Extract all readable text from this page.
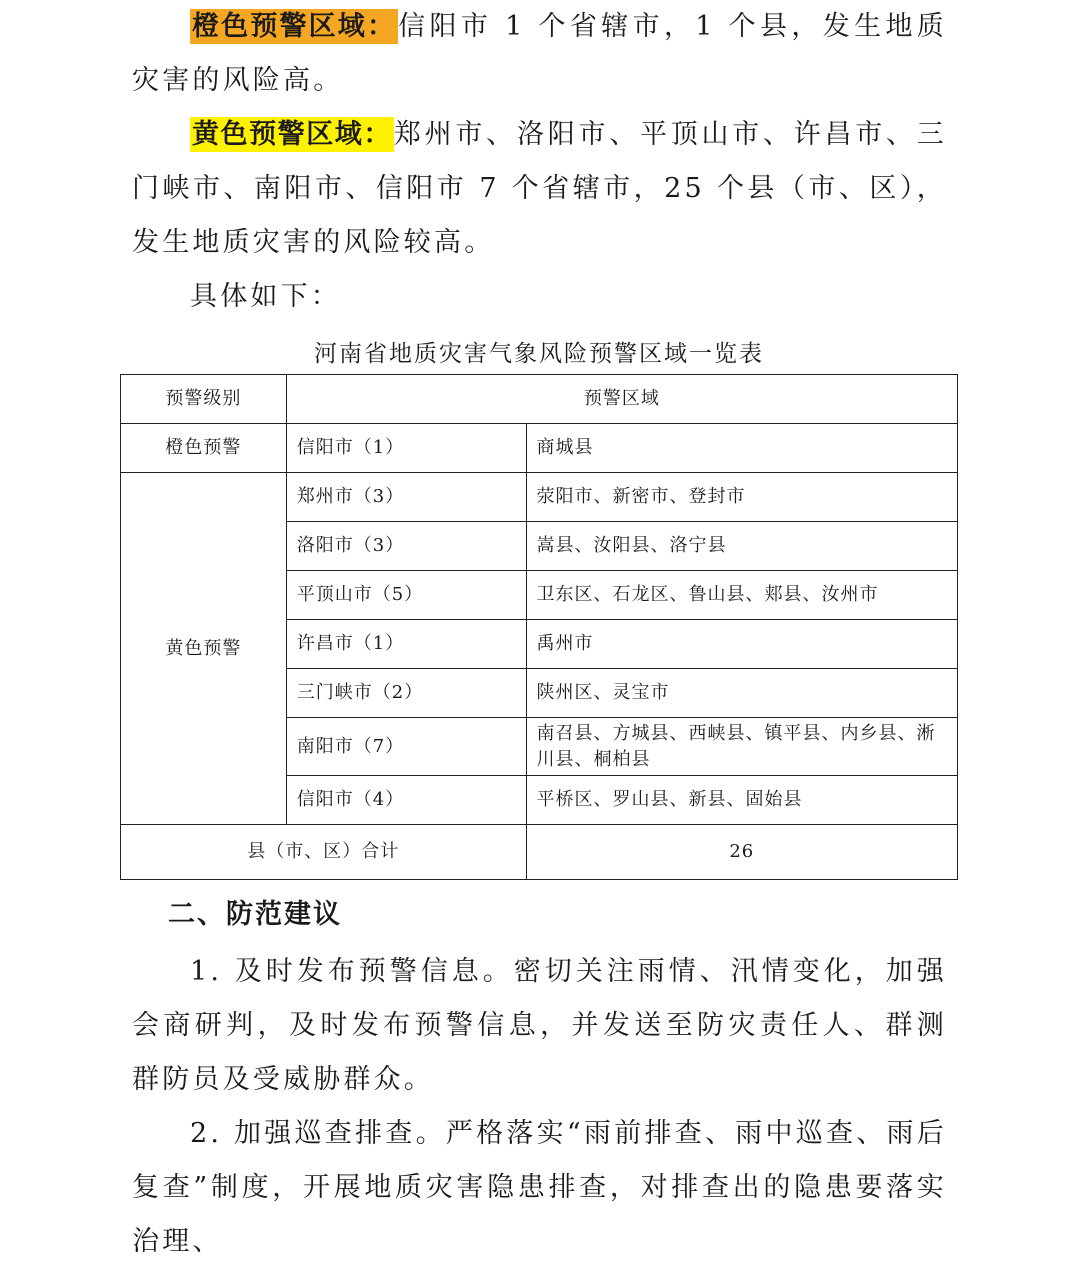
橙色预警区域：信阳市 1 个省辖市，1 个县，发生地质灾害的风险高。

黄色预警区域：郑州市、洛阳市、平顶山市、许昌市、三门峡市、南阳市、信阳市 7 个省辖市，25 个县（市、区），发生地质灾害的风险较高。

具体如下：

河南省地质灾害气象风险预警区域一览表
预警级别	预警区域	
橙色预警	信阳市（1）	商城县
黄色预警	郑州市（3）	荥阳市、新密市、登封市
	洛阳市（3）	嵩县、汝阳县、洛宁县
	平顶山市（5）	卫东区、石龙区、鲁山县、郏县、汝州市
	许昌市（1）	禹州市
	三门峡市（2）	陕州区、灵宝市
	南阳市（7）	南召县、方城县、西峡县、镇平县、内乡县、淅川县、桐柏县
	信阳市（4）	平桥区、罗山县、新县、固始县
县（市、区）合计		26
二、防范建议

1. 及时发布预警信息。密切关注雨情、汛情变化，加强会商研判，及时发布预警信息，并发送至防灾责任人、群测群防员及受威胁群众。

2. 加强巡查排查。严格落实“雨前排查、雨中巡查、雨后复查”制度，开展地质灾害隐患排查，对排查出的隐患要落实治理、
